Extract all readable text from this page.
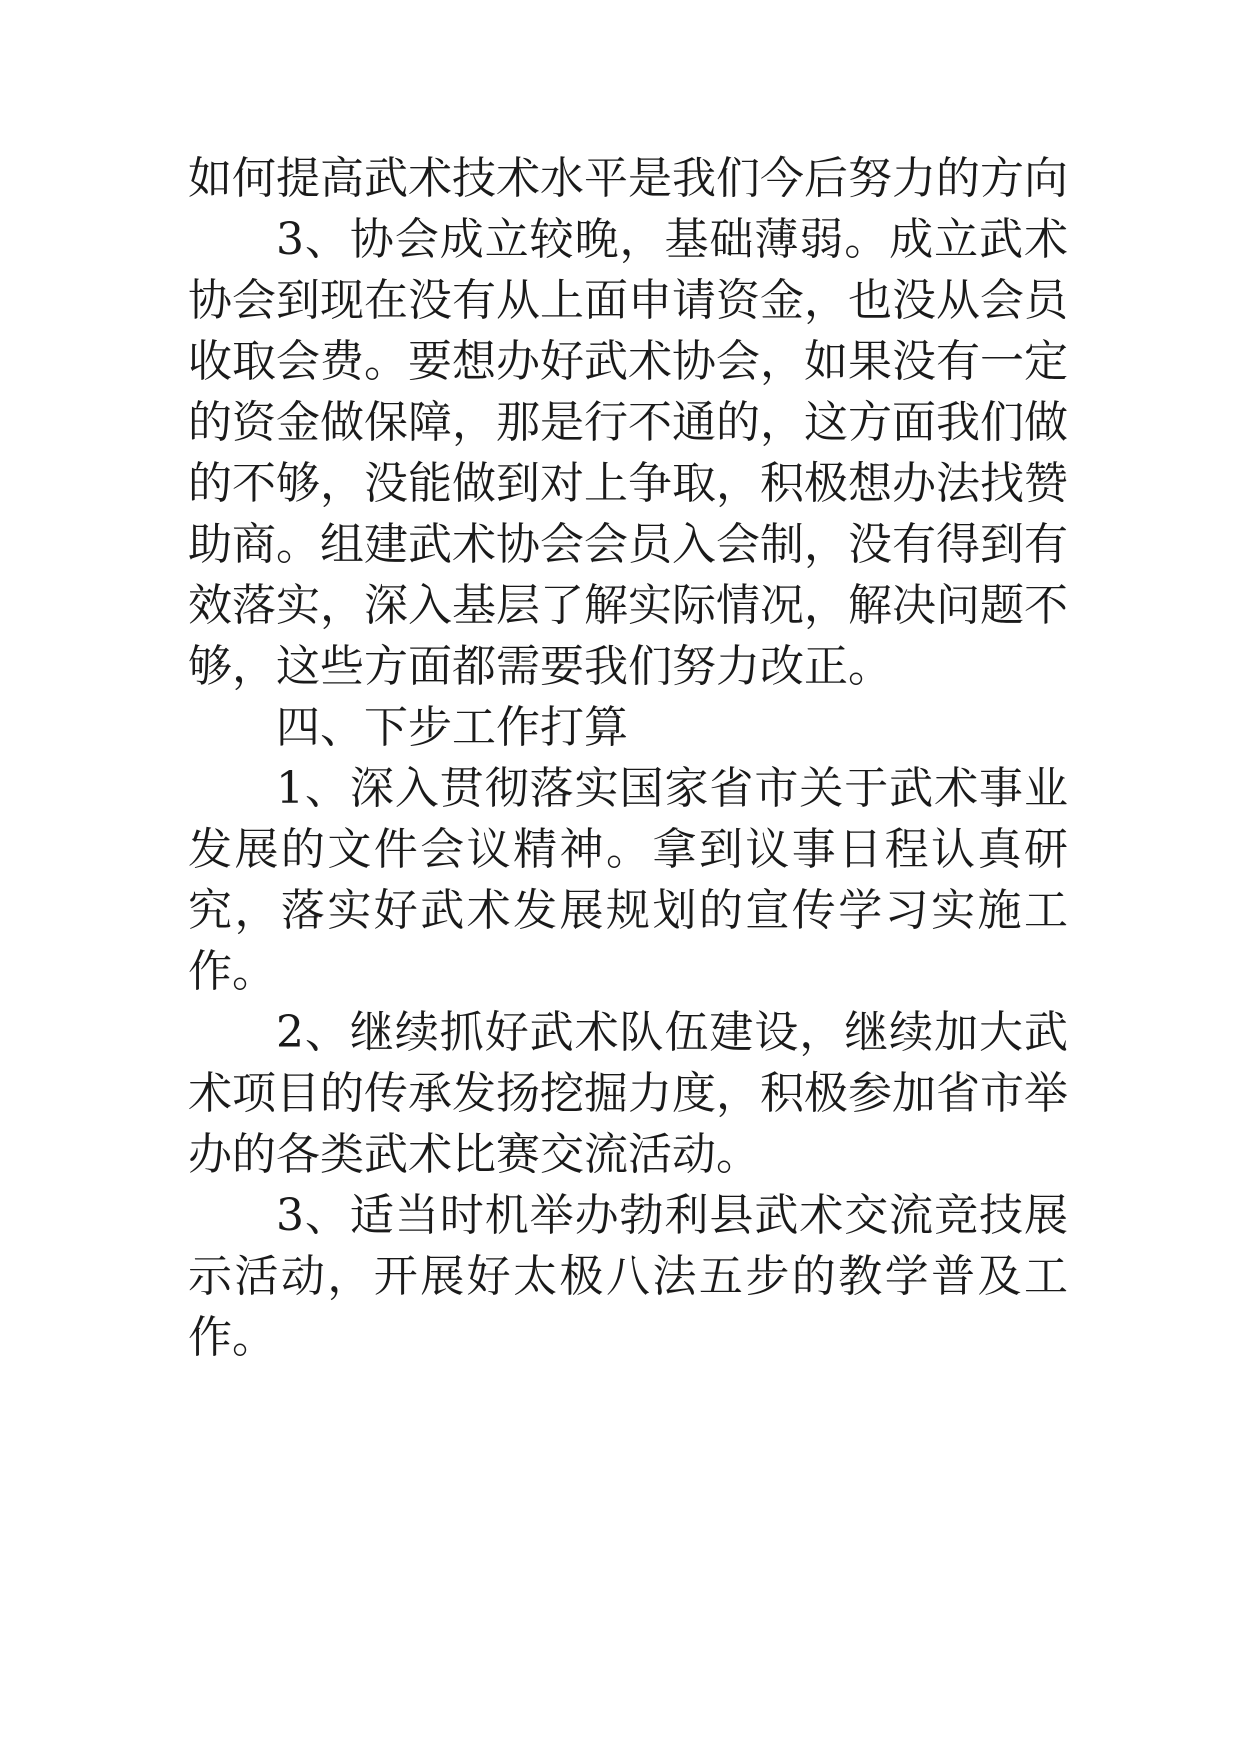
如何提高武术技术水平是我们今后努力的方向

3、协会成立较晚，基础薄弱。成立武术协会到现在没有从上面申请资金，也没从会员收取会费。要想办好武术协会，如果没有一定的资金做保障，那是行不通的，这方面我们做的不够，没能做到对上争取，积极想办法找赞助商。组建武术协会会员入会制，没有得到有效落实，深入基层了解实际情况，解决问题不够，这些方面都需要我们努力改正。

四、下步工作打算

1、深入贯彻落实国家省市关于武术事业发展的文件会议精神。拿到议事日程认真研究，落实好武术发展规划的宣传学习实施工作。

2、继续抓好武术队伍建设，继续加大武术项目的传承发扬挖掘力度，积极参加省市举办的各类武术比赛交流活动。

3、适当时机举办勃利县武术交流竞技展示活动，开展好太极八法五步的教学普及工作。
